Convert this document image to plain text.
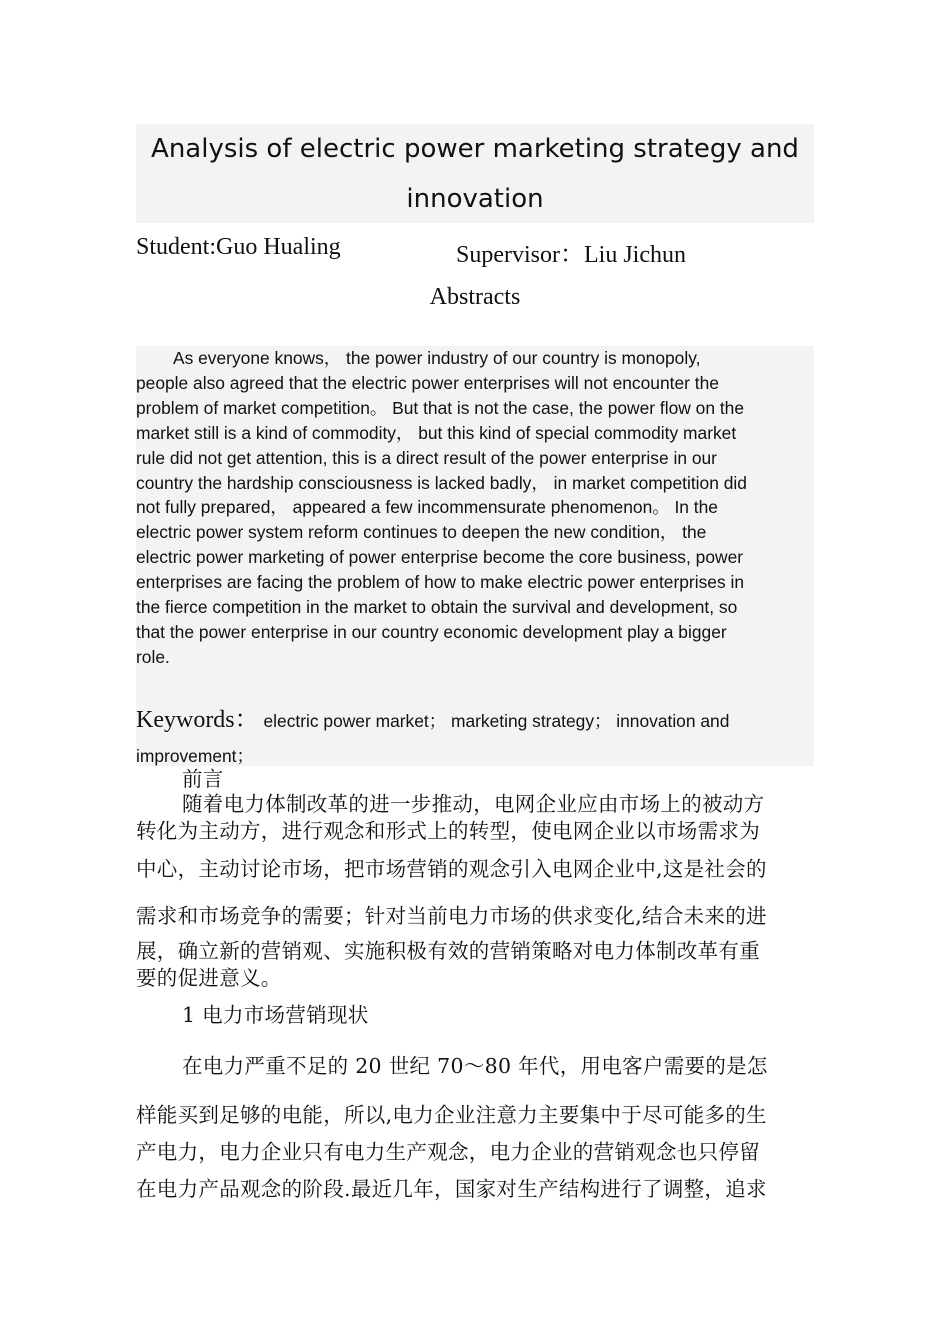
Analysis of electric power marketing strategy and
innovation

Student:Guo Hualing	Supervisor：Liu Jichun
Abstracts

As everyone knows， the power industry of our country is monopoly,
people also agreed that the electric power enterprises will not encounter the
problem of market competition。 But that is not the case, the power flow on the
market still is a kind of commodity， but this kind of special commodity market
rule did not get attention, this is a direct result of the power enterprise in our
country the hardship consciousness is lacked badly， in market competition did
not fully prepared， appeared a few incommensurate phenomenon。 In the
electric power system reform continues to deepen the new condition， the
electric power marketing of power enterprise become the core business, power
enterprises are facing the problem of how to make electric power enterprises in
the fierce competition in the market to obtain the survival and development, so
that the power enterprise in our country economic development play a bigger
role.

Keywords： electric power market； marketing strategy； innovation and
improvement；
前言
随着电力体制改革的进一步推动，电网企业应由市场上的被动方
转化为主动方，进行观念和形式上的转型，使电网企业以市场需求为
中心，主动讨论市场，把市场营销的观念引入电网企业中,这是社会的
需求和市场竞争的需要；针对当前电力市场的供求变化,结合未来的进
展，确立新的营销观、实施积极有效的营销策略对电力体制改革有重
要的促进意义。
1 电力市场营销现状
在电力严重不足的 20 世纪 70～80 年代，用电客户需要的是怎
样能买到足够的电能，所以,电力企业注意力主要集中于尽可能多的生
产电力，电力企业只有电力生产观念，电力企业的营销观念也只停留
在电力产品观念的阶段.最近几年，国家对生产结构进行了调整，追求
